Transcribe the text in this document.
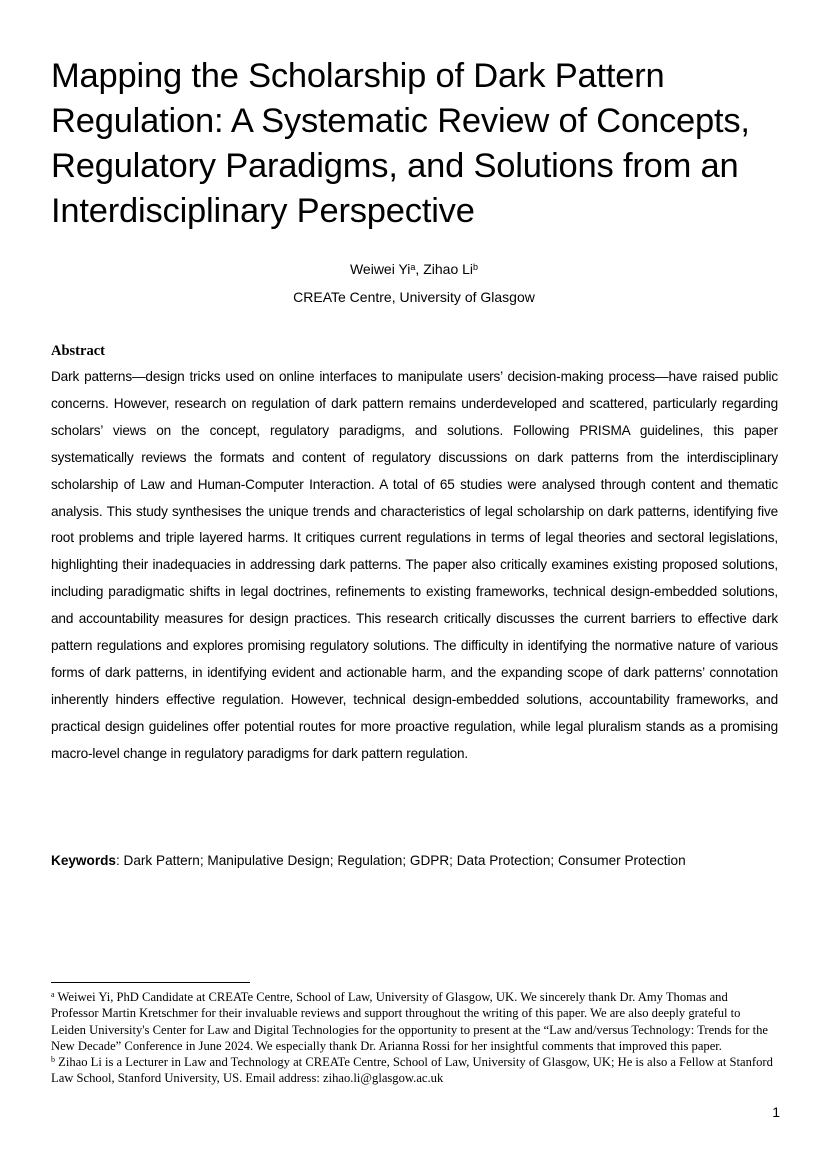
Mapping the Scholarship of Dark Pattern Regulation: A Systematic Review of Concepts, Regulatory Paradigms, and Solutions from an Interdisciplinary Perspective
Weiwei Yi$^a$, Zihao Li$^b$
CREATe Centre, University of Glasgow
Abstract

Dark patterns—design tricks used on online interfaces to manipulate users’ decision-making process—have raised public concerns. However, research on regulation of dark pattern remains underdeveloped and scattered, particularly regarding scholars’ views on the concept, regulatory paradigms, and solutions. Following PRISMA guidelines, this paper systematically reviews the formats and content of regulatory discussions on dark patterns from the interdisciplinary scholarship of Law and Human-Computer Interaction. A total of 65 studies were analysed through content and thematic analysis. This study synthesises the unique trends and characteristics of legal scholarship on dark patterns, identifying five root problems and triple layered harms. It critiques current regulations in terms of legal theories and sectoral legislations, highlighting their inadequacies in addressing dark patterns. The paper also critically examines existing proposed solutions, including paradigmatic shifts in legal doctrines, refinements to existing frameworks, technical design-embedded solutions, and accountability measures for design practices. This research critically discusses the current barriers to effective dark pattern regulations and explores promising regulatory solutions. The difficulty in identifying the normative nature of various forms of dark patterns, in identifying evident and actionable harm, and the expanding scope of dark patterns’ connotation inherently hinders effective regulation. However, technical design-embedded solutions, accountability frameworks, and practical design guidelines offer potential routes for more proactive regulation, while legal pluralism stands as a promising macro-level change in regulatory paradigms for dark pattern regulation.

Keywords: Dark Pattern; Manipulative Design; Regulation; GDPR; Data Protection; Consumer Protection

$^a$ Weiwei Yi, PhD Candidate at CREATe Centre, School of Law, University of Glasgow, UK. We sincerely thank Dr. Amy Thomas and Professor Martin Kretschmer for their invaluable reviews and support throughout the writing of this paper. We are also deeply grateful to Leiden University's Center for Law and Digital Technologies for the opportunity to present at the “Law and/versus Technology: Trends for the New Decade” Conference in June 2024. We especially thank Dr. Arianna Rossi for her insightful comments that improved this paper.

$^b$ Zihao Li is a Lecturer in Law and Technology at CREATe Centre, School of Law, University of Glasgow, UK; He is also a Fellow at Stanford Law School, Stanford University, US. Email address: zihao.li@glasgow.ac.uk

1
